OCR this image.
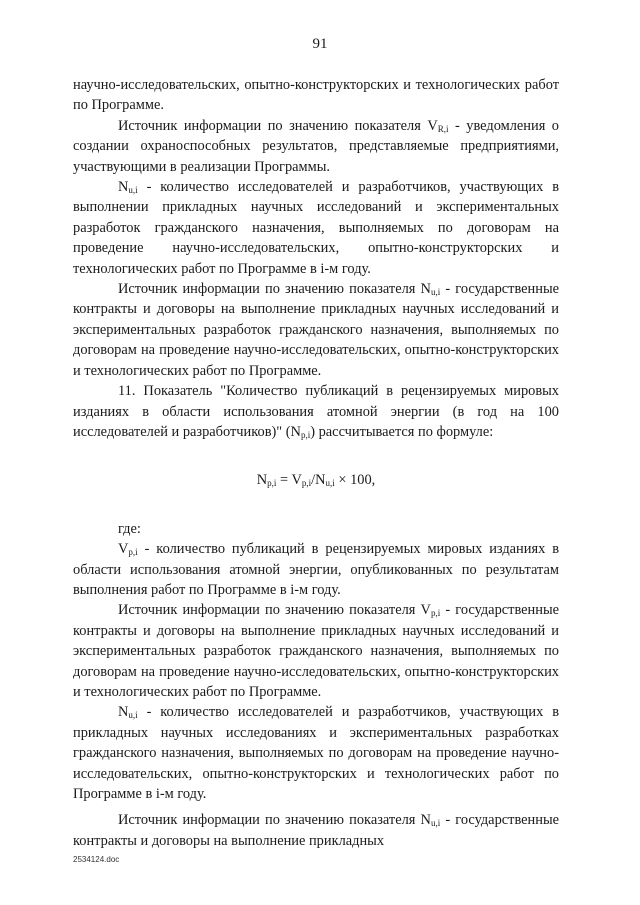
91

научно-исследовательских, опытно-конструкторских и технологических работ по Программе.

Источник информации по значению показателя $V_{R,i}$ - уведомления о создании охраноспособных результатов, представляемые предприятиями, участвующими в реализации Программы.

$N_{u,i}$ - количество исследователей и разработчиков, участвующих в выполнении прикладных научных исследований и экспериментальных разработок гражданского назначения, выполняемых по договорам на проведение научно-исследовательских, опытно-конструкторских и технологических работ по Программе в i-м году.

Источник информации по значению показателя $N_{u,i}$ - государственные контракты и договоры на выполнение прикладных научных исследований и экспериментальных разработок гражданского назначения, выполняемых по договорам на проведение научно-исследовательских, опытно-конструкторских и технологических работ по Программе.

11. Показатель "Количество публикаций в рецензируемых мировых изданиях в области использования атомной энергии (в год на 100 исследователей и разработчиков)" $(N_{p,i})$ рассчитывается по формуле:

$N_{p,i} = V_{p,i}/N_{u,i} \times 100$,

где:

$V_{p,i}$ - количество публикаций в рецензируемых мировых изданиях в области использования атомной энергии, опубликованных по результатам выполнения работ по Программе в i-м году.

Источник информации по значению показателя $V_{p,i}$ - государственные контракты и договоры на выполнение прикладных научных исследований и экспериментальных разработок гражданского назначения, выполняемых по договорам на проведение научно-исследовательских, опытно-конструкторских и технологических работ по Программе.

$N_{u,i}$ - количество исследователей и разработчиков, участвующих в прикладных научных исследованиях и экспериментальных разработках гражданского назначения, выполняемых по договорам на проведение научно-исследовательских, опытно-конструкторских и технологических работ по Программе в i-м году.

Источник информации по значению показателя $N_{u,i}$ - государственные контракты и договоры на выполнение прикладных

2534124.doc
